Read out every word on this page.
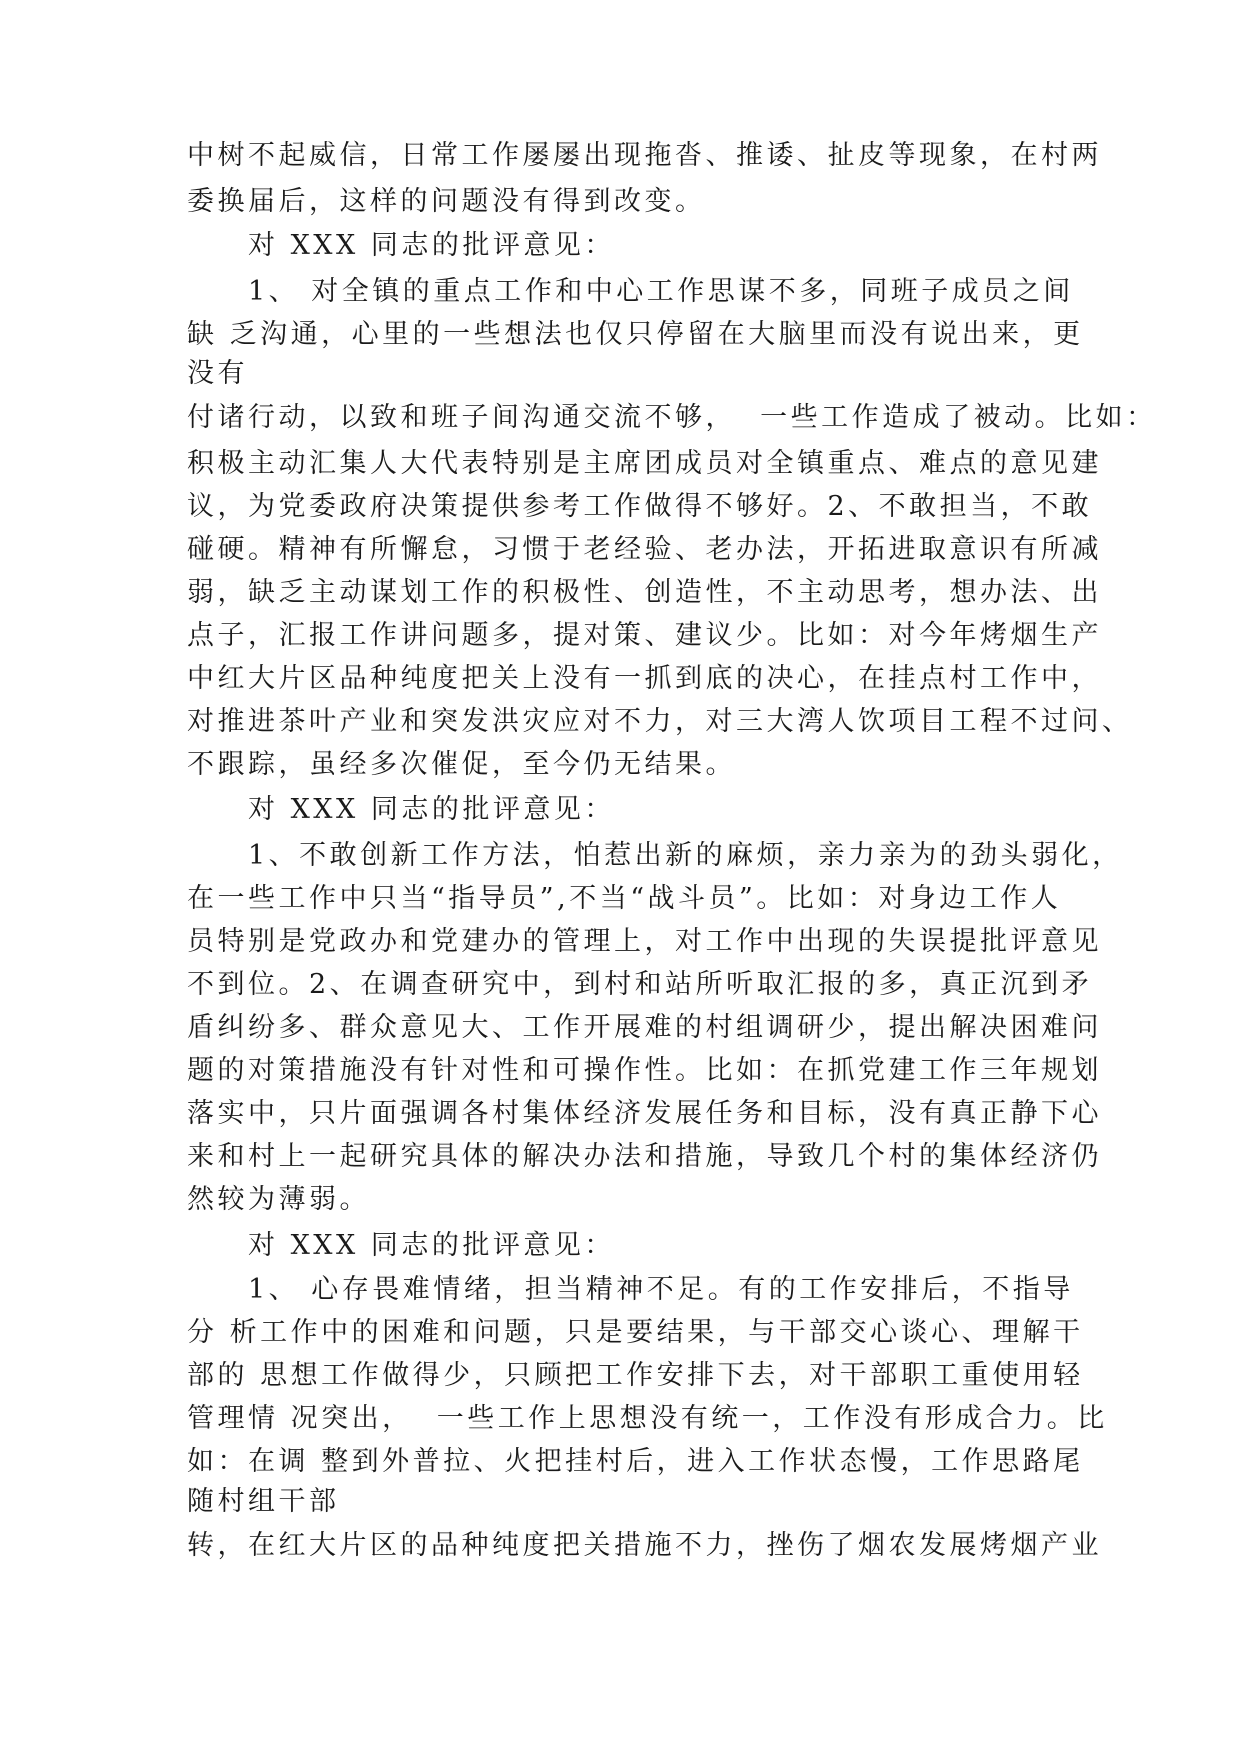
中树不起威信，日常工作屡屡出现拖沓、推诿、扯皮等现象，在村两
委换届后，这样的问题没有得到改变。
对 XXX 同志的批评意见：
1、 对全镇的重点工作和中心工作思谋不多，同班子成员之间
缺 乏沟通，心里的一些想法也仅只停留在大脑里而没有说出来，更
没有
付诸行动，以致和班子间沟通交流不够，  一些工作造成了被动。比如：
积极主动汇集人大代表特别是主席团成员对全镇重点、难点的意见建
议，为党委政府决策提供参考工作做得不够好。2、不敢担当，不敢
碰硬。精神有所懈怠，习惯于老经验、老办法，开拓进取意识有所减
弱，缺乏主动谋划工作的积极性、创造性，不主动思考，想办法、出
点子，汇报工作讲问题多，提对策、建议少。比如：对今年烤烟生产
中红大片区品种纯度把关上没有一抓到底的决心，在挂点村工作中，
对推进茶叶产业和突发洪灾应对不力，对三大湾人饮项目工程不过问、
不跟踪，虽经多次催促，至今仍无结果。
对 XXX 同志的批评意见：
1、不敢创新工作方法，怕惹出新的麻烦，亲力亲为的劲头弱化，
在一些工作中只当“指导员”,不当“战斗员”。比如：对身边工作人
员特别是党政办和党建办的管理上，对工作中出现的失误提批评意见
不到位。2、在调查研究中，到村和站所听取汇报的多，真正沉到矛
盾纠纷多、群众意见大、工作开展难的村组调研少，提出解决困难问
题的对策措施没有针对性和可操作性。比如：在抓党建工作三年规划
落实中，只片面强调各村集体经济发展任务和目标，没有真正静下心
来和村上一起研究具体的解决办法和措施，导致几个村的集体经济仍
然较为薄弱。
对 XXX 同志的批评意见：
1、 心存畏难情绪，担当精神不足。有的工作安排后，不指导
分 析工作中的困难和问题，只是要结果，与干部交心谈心、理解干
部的 思想工作做得少，只顾把工作安排下去，对干部职工重使用轻
管理情 况突出，  一些工作上思想没有统一，工作没有形成合力。比
如：在调 整到外普拉、火把挂村后，进入工作状态慢，工作思路尾
随村组干部
转，在红大片区的品种纯度把关措施不力，挫伤了烟农发展烤烟产业
